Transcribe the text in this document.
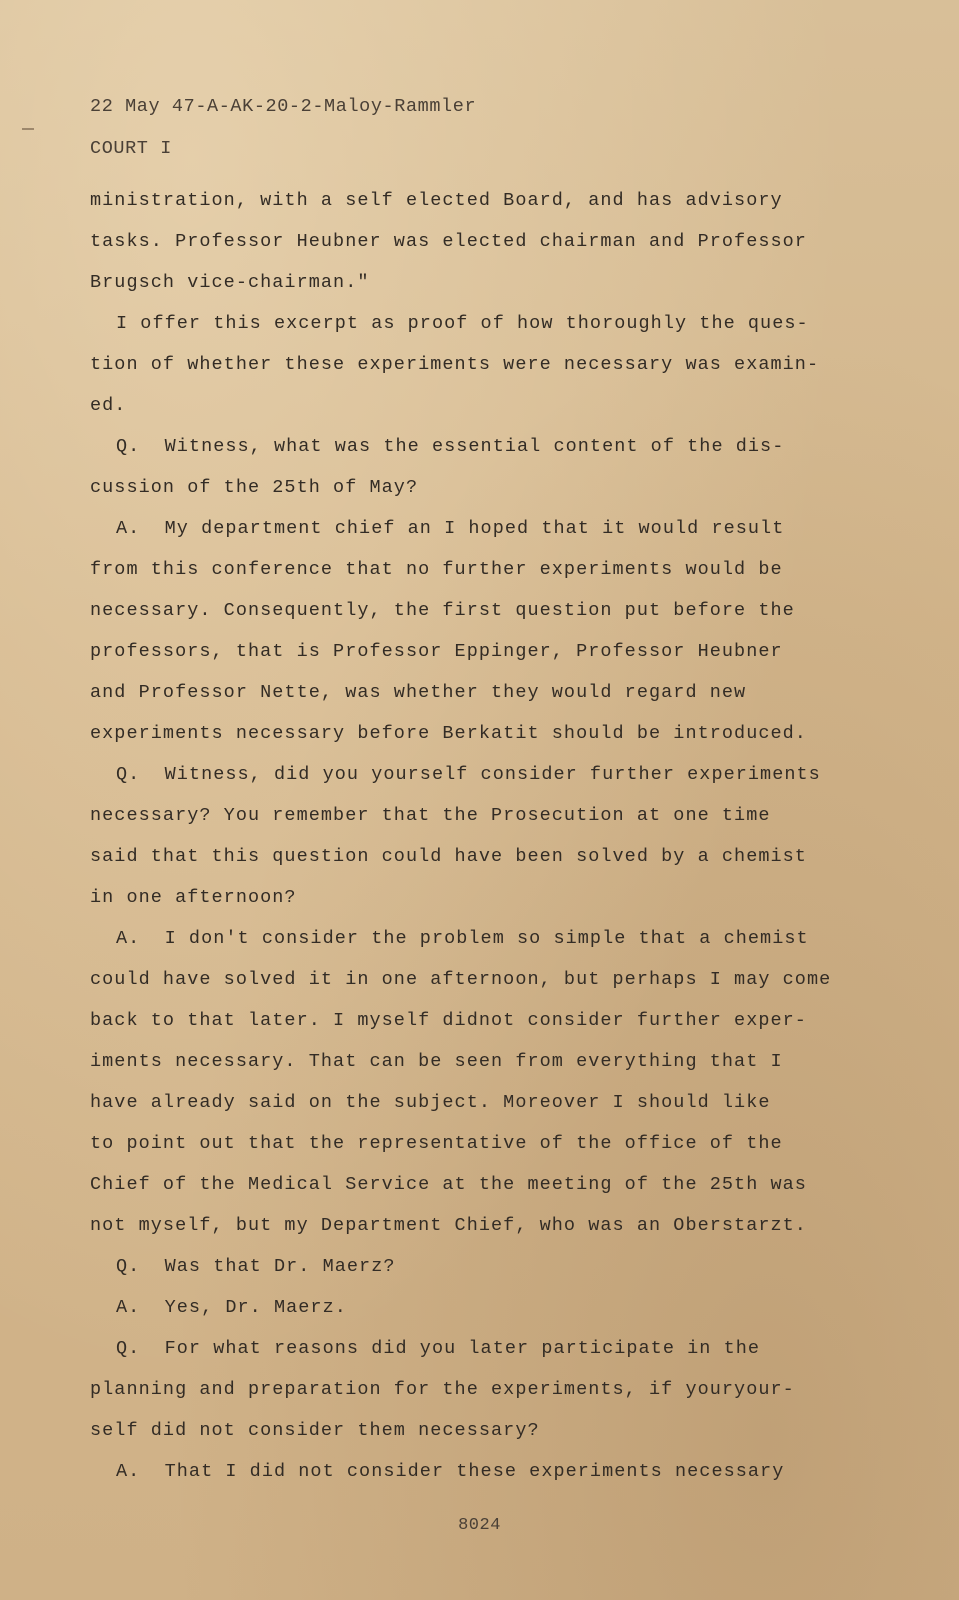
22 May 47-A-AK-20-2-Maloy-Rammler
COURT I
ministration, with a self elected Board, and has advisory
tasks. Professor Heubner was elected chairman and Professor
Brugsch vice-chairman."
I offer this excerpt as proof of how thoroughly the ques-
tion of whether these experiments were necessary was examin-
ed.
Q.  Witness, what was the essential content of the dis-
cussion of the 25th of May?
A.  My department chief an I hoped that it would result
from this conference that no further experiments would be
necessary. Consequently, the first question put before the
professors, that is Professor Eppinger, Professor Heubner
and Professor Nette, was whether they would regard new
experiments necessary before Berkatit should be introduced.
Q.  Witness, did you yourself consider further experiments
necessary? You remember that the Prosecution at one time
said that this question could have been solved by a chemist
in one afternoon?
A.  I don't consider the problem so simple that a chemist
could have solved it in one afternoon, but perhaps I may come
back to that later. I myself didnot consider further exper-
iments necessary. That can be seen from everything that I
have already said on the subject. Moreover I should like
to point out that the representative of the office of the
Chief of the Medical Service at the meeting of the 25th was
not myself, but my Department Chief, who was an Oberstarzt.
Q.  Was that Dr. Maerz?
A.  Yes, Dr. Maerz.
Q.  For what reasons did you later participate in the
planning and preparation for the experiments, if youryour-
self did not consider them necessary?
A.  That I did not consider these experiments necessary
8024
